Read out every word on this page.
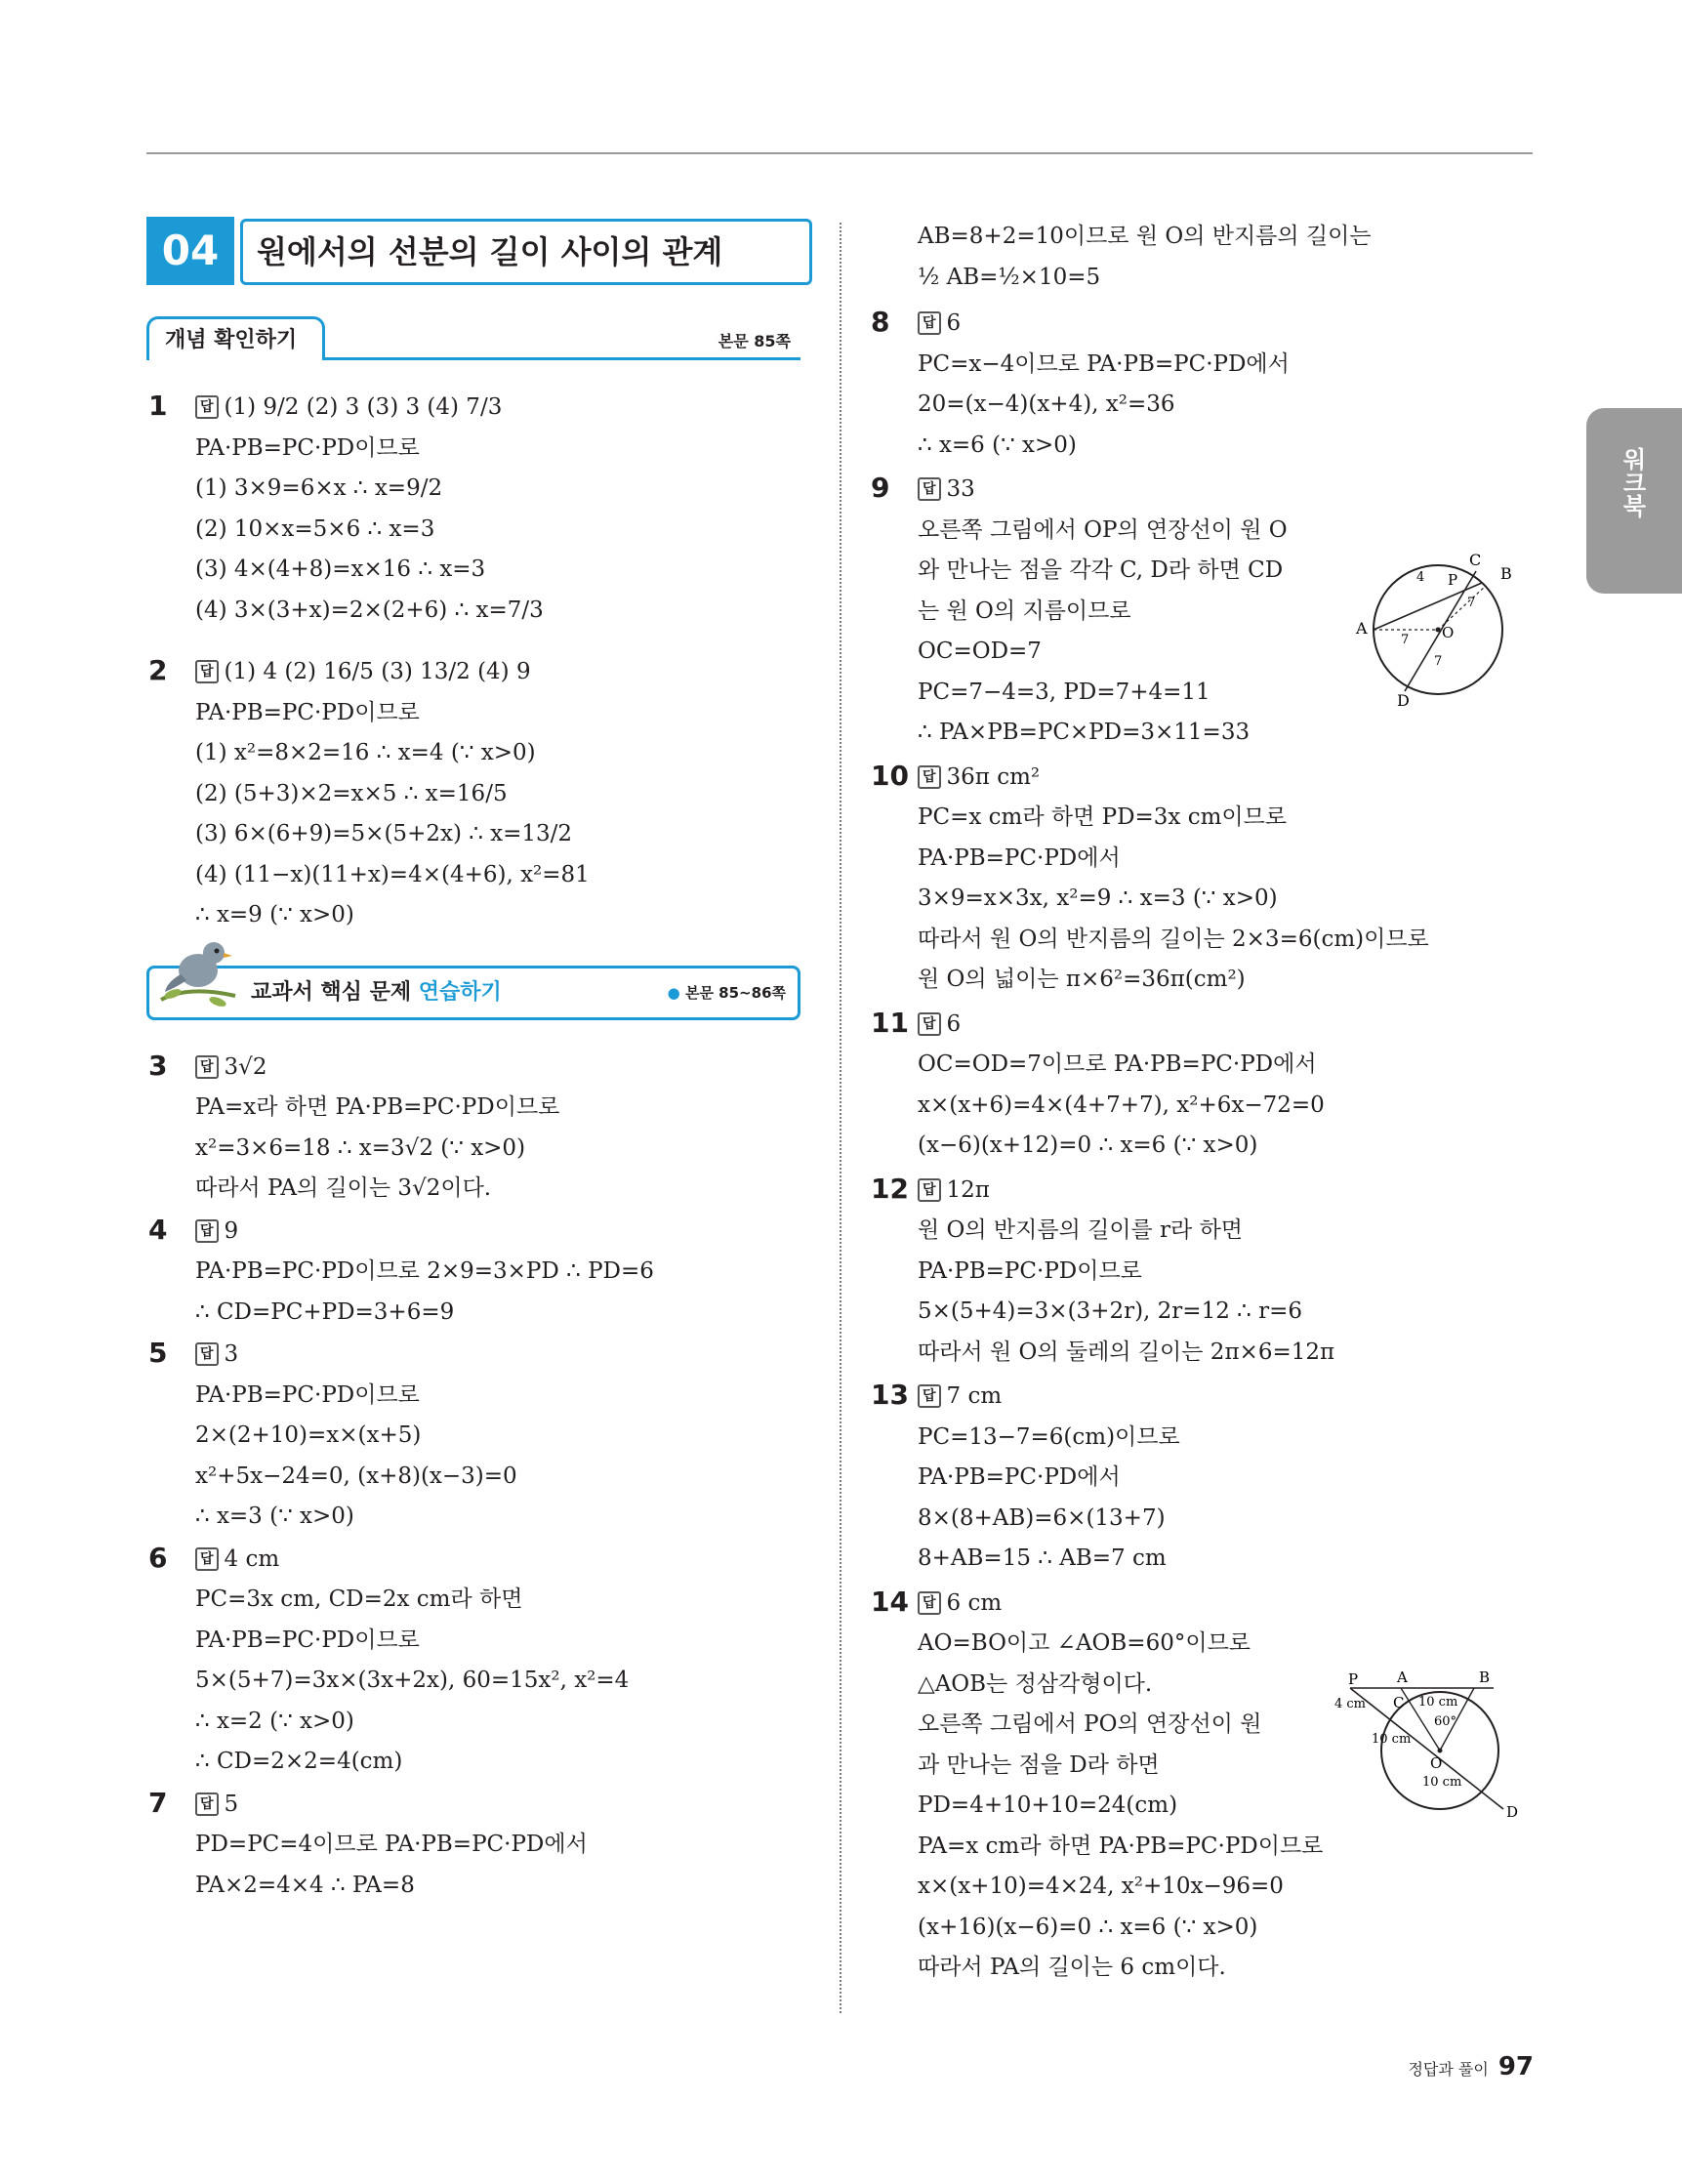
04	원에서의 선분의 길이 사이의 관계
개념 확인하기	본문 85쪽
1	답 (1) 9/2 (2) 3 (3) 3 (4) 7/3
PA·PB=PC·PD이므로
(1) 3×9=6×x ∴ x=9/2
(2) 10×x=5×6 ∴ x=3
(3) 4×(4+8)=x×16 ∴ x=3
(4) 3×(3+x)=2×(2+6) ∴ x=7/3
2	답 (1) 4 (2) 16/5 (3) 13/2 (4) 9
PA·PB=PC·PD이므로
(1) x²=8×2=16 ∴ x=4 (∵ x>0)
(2) (5+3)×2=x×5 ∴ x=16/5
(3) 6×(6+9)=5×(5+2x) ∴ x=13/2
(4) (11−x)(11+x)=4×(4+6), x²=81
∴ x=9 (∵ x>0)
교과서 핵심 문제 연습하기	● 본문 85~86쪽
3	답 3√2
PA=x라 하면 PA·PB=PC·PD이므로
x²=3×6=18 ∴ x=3√2 (∵ x>0)
따라서 PA의 길이는 3√2이다.
4	답 9
PA·PB=PC·PD이므로 2×9=3×PD ∴ PD=6
∴ CD=PC+PD=3+6=9
5	답 3
PA·PB=PC·PD이므로
2×(2+10)=x×(x+5)
x²+5x−24=0, (x+8)(x−3)=0
∴ x=3 (∵ x>0)
6	답 4 cm
PC=3x cm, CD=2x cm라 하면
PA·PB=PC·PD이므로
5×(5+7)=3x×(3x+2x), 60=15x², x²=4
∴ x=2 (∵ x>0)
∴ CD=2×2=4(cm)
7	답 5
PD=PC=4이므로 PA·PB=PC·PD에서
PA×2=4×4 ∴ PA=8
AB=8+2=10이므로 원 O의 반지름의 길이는
½ AB=½×10=5
8	답 6
PC=x−4이므로 PA·PB=PC·PD에서
20=(x−4)(x+4), x²=36
∴ x=6 (∵ x>0)
9	답 33
오른쪽 그림에서 OP의 연장선이 원 O
와 만나는 점을 각각 C, D라 하면 CD
는 원 O의 지름이므로
OC=OD=7
PC=7−4=3, PD=7+4=11
∴ PA×PB=PC×PD=3×11=33
10	답 36π cm²
PC=x cm라 하면 PD=3x cm이므로
PA·PB=PC·PD에서
3×9=x×3x, x²=9 ∴ x=3 (∵ x>0)
따라서 원 O의 반지름의 길이는 2×3=6(cm)이므로
원 O의 넓이는 π×6²=36π(cm²)
11	답 6
OC=OD=7이므로 PA·PB=PC·PD에서
x×(x+6)=4×(4+7+7), x²+6x−72=0
(x−6)(x+12)=0 ∴ x=6 (∵ x>0)
12	답 12π
원 O의 반지름의 길이를 r라 하면
PA·PB=PC·PD이므로
5×(5+4)=3×(3+2r), 2r=12 ∴ r=6
따라서 원 O의 둘레의 길이는 2π×6=12π
13	답 7 cm
PC=13−7=6(cm)이므로
PA·PB=PC·PD에서
8×(8+AB)=6×(13+7)
8+AB=15 ∴ AB=7 cm
14	답 6 cm
AO=BO이고 ∠AOB=60°이므로
△AOB는 정삼각형이다.
오른쪽 그림에서 PO의 연장선이 원
과 만나는 점을 D라 하면
PD=4+10+10=24(cm)
PA=x cm라 하면 PA·PB=PC·PD이므로
x×(x+10)=4×24, x²+10x−96=0
(x+16)(x−6)=0 ∴ x=6 (∵ x>0)
따라서 PA의 길이는 6 cm이다.
C
B
4 P
7
A
7 O
7
D
P	A	B
4 cm C 10 cm
60°
10 cm
O
10 cm
D
워크북
정답과 풀이 97
